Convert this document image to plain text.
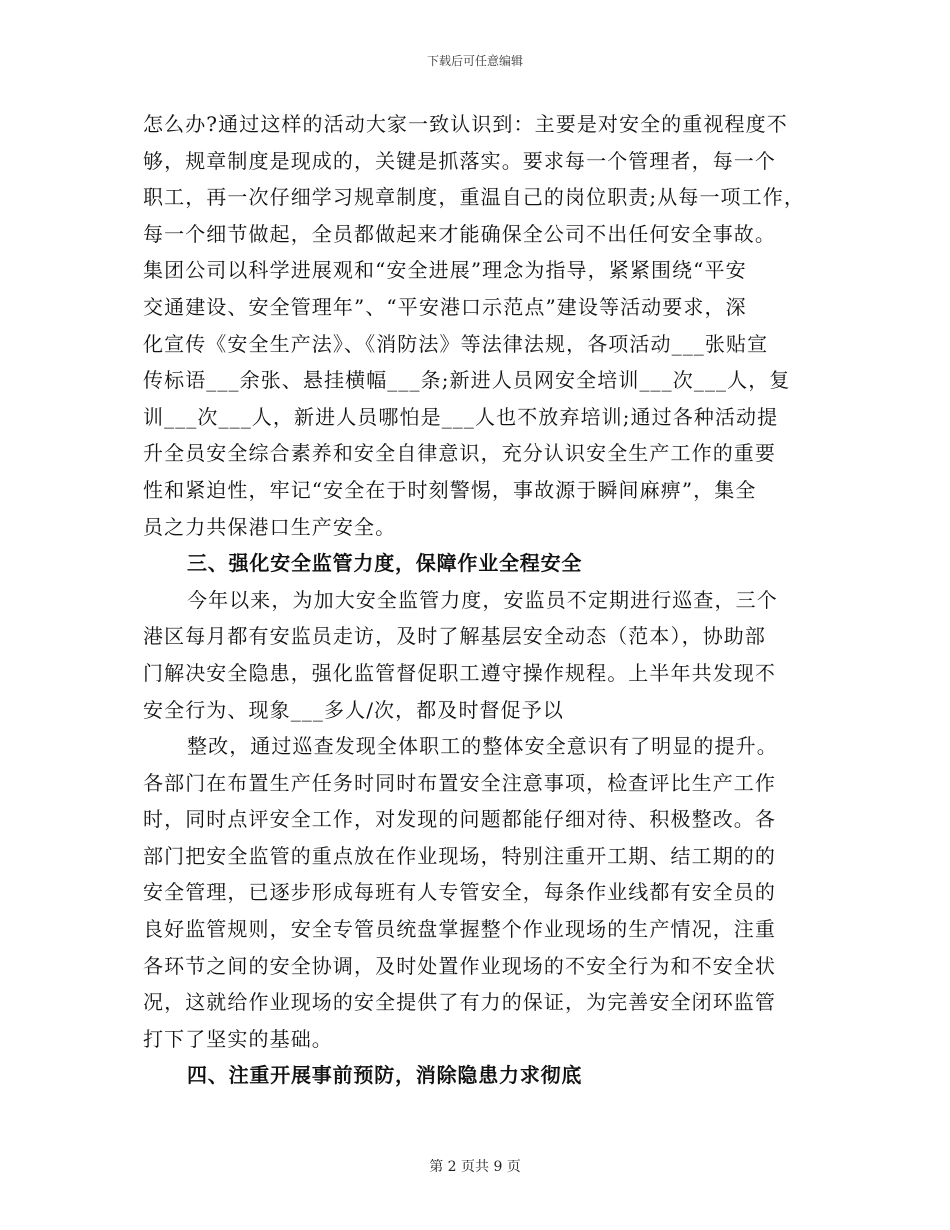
下载后可任意编辑
怎么办?通过这样的活动大家一致认识到：主要是对安全的重视程度不
够，规章制度是现成的，关键是抓落实。要求每一个管理者，每一个
职工，再一次仔细学习规章制度，重温自己的岗位职责;从每一项工作，
每一个细节做起，全员都做起来才能确保全公司不出任何安全事故。
集团公司以科学进展观和“安全进展”理念为指导，紧紧围绕“平安
交通建设、安全管理年”、“平安港口示范点”建设等活动要求，深
化宣传《安全生产法》、《消防法》等法律法规，各项活动___张贴宣
传标语___余张、悬挂横幅___条;新进人员网安全培训___次___人，复
训___次___人，新进人员哪怕是___人也不放弃培训;通过各种活动提
升全员安全综合素养和安全自律意识，充分认识安全生产工作的重要
性和紧迫性，牢记“安全在于时刻警惕，事故源于瞬间麻痹”，集全
员之力共保港口生产安全。
三、强化安全监管力度，保障作业全程安全
今年以来，为加大安全监管力度，安监员不定期进行巡查，三个
港区每月都有安监员走访，及时了解基层安全动态（范本），协助部
门解决安全隐患，强化监管督促职工遵守操作规程。上半年共发现不
安全行为、现象___多人/次，都及时督促予以
整改，通过巡查发现全体职工的整体安全意识有了明显的提升。
各部门在布置生产任务时同时布置安全注意事项，检查评比生产工作
时，同时点评安全工作，对发现的问题都能仔细对待、积极整改。各
部门把安全监管的重点放在作业现场，特别注重开工期、结工期的的
安全管理，已逐步形成每班有人专管安全，每条作业线都有安全员的
良好监管规则，安全专管员统盘掌握整个作业现场的生产情况，注重
各环节之间的安全协调，及时处置作业现场的不安全行为和不安全状
况，这就给作业现场的安全提供了有力的保证，为完善安全闭环监管
打下了坚实的基础。
四、注重开展事前预防，消除隐患力求彻底
第 2 页共 9 页
